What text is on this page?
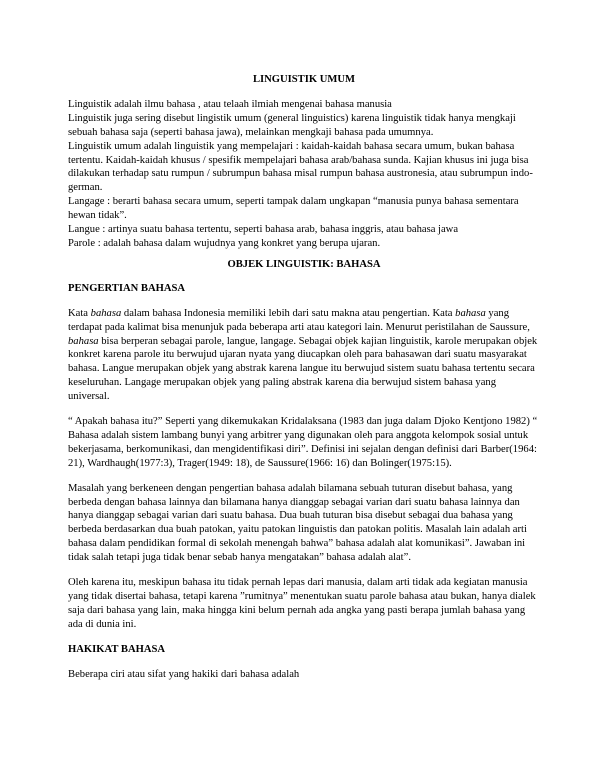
LINGUISTIK UMUM

Linguistik adalah ilmu bahasa , atau telaah ilmiah mengenai bahasa manusia

Linguistik juga sering disebut lingistik umum (general linguistics) karena linguistik tidak hanya mengkaji sebuah bahasa saja (seperti bahasa jawa), melainkan mengkaji bahasa pada umumnya.

Linguistik umum adalah linguistik yang mempelajari : kaidah-kaidah bahasa secara umum, bukan bahasa tertentu. Kaidah-kaidah khusus / spesifik mempelajari bahasa arab/bahasa sunda. Kajian khusus ini juga bisa dilakukan terhadap satu rumpun / subrumpun bahasa misal rumpun bahasa austronesia, atau subrumpun indo-german.

Langage : berarti bahasa secara umum, seperti tampak dalam ungkapan “manusia punya bahasa sementara hewan tidak”.

Langue : artinya suatu bahasa tertentu, seperti bahasa arab, bahasa inggris, atau bahasa jawa

Parole : adalah bahasa dalam wujudnya yang konkret yang berupa ujaran.

OBJEK LINGUISTIK: BAHASA

PENGERTIAN BAHASA

Kata bahasa dalam bahasa Indonesia memiliki lebih dari satu makna atau pengertian. Kata bahasa yang terdapat pada kalimat bisa menunjuk pada beberapa arti atau kategori lain. Menurut peristilahan de Saussure, bahasa bisa berperan sebagai parole, langue, langage. Sebagai objek kajian linguistik, karole merupakan objek konkret karena parole itu berwujud ujaran nyata yang diucapkan oleh para bahasawan dari suatu masyarakat bahasa. Langue merupakan objek yang abstrak karena langue itu berwujud sistem suatu bahasa tertentu secara keseluruhan. Langage merupakan objek yang paling abstrak karena dia berwujud sistem bahasa yang universal.

“ Apakah bahasa itu?” Seperti yang dikemukakan Kridalaksana (1983 dan juga dalam Djoko Kentjono 1982) “ Bahasa adalah sistem lambang bunyi yang arbitrer yang digunakan oleh para anggota kelompok sosial untuk bekerjasama, berkomunikasi, dan mengidentifikasi diri”. Definisi ini sejalan dengan definisi dari Barber(1964: 21), Wardhaugh(1977:3), Trager(1949: 18), de Saussure(1966: 16) dan Bolinger(1975:15).

Masalah yang berkeneen dengan pengertian bahasa adalah bilamana sebuah tuturan disebut bahasa, yang berbeda dengan bahasa lainnya dan bilamana hanya dianggap sebagai varian dari suatu bahasa lainnya dan hanya dianggap sebagai varian dari suatu bahasa. Dua buah tuturan bisa disebut sebagai dua bahasa yang berbeda berdasarkan dua buah patokan, yaitu patokan linguistis dan patokan politis. Masalah lain adalah arti bahasa dalam pendidikan formal di sekolah menengah bahwa” bahasa adalah alat komunikasi”. Jawaban ini tidak salah tetapi juga tidak benar sebab hanya mengatakan” bahasa adalah alat”.

Oleh karena itu, meskipun bahasa itu tidak pernah lepas dari manusia, dalam arti tidak ada kegiatan manusia yang tidak disertai bahasa, tetapi karena ”rumitnya” menentukan suatu parole bahasa atau bukan, hanya dialek saja dari bahasa yang lain, maka hingga kini belum pernah ada angka yang pasti berapa jumlah bahasa yang ada di dunia ini.

HAKIKAT BAHASA

Beberapa ciri atau sifat yang hakiki dari bahasa adalah
